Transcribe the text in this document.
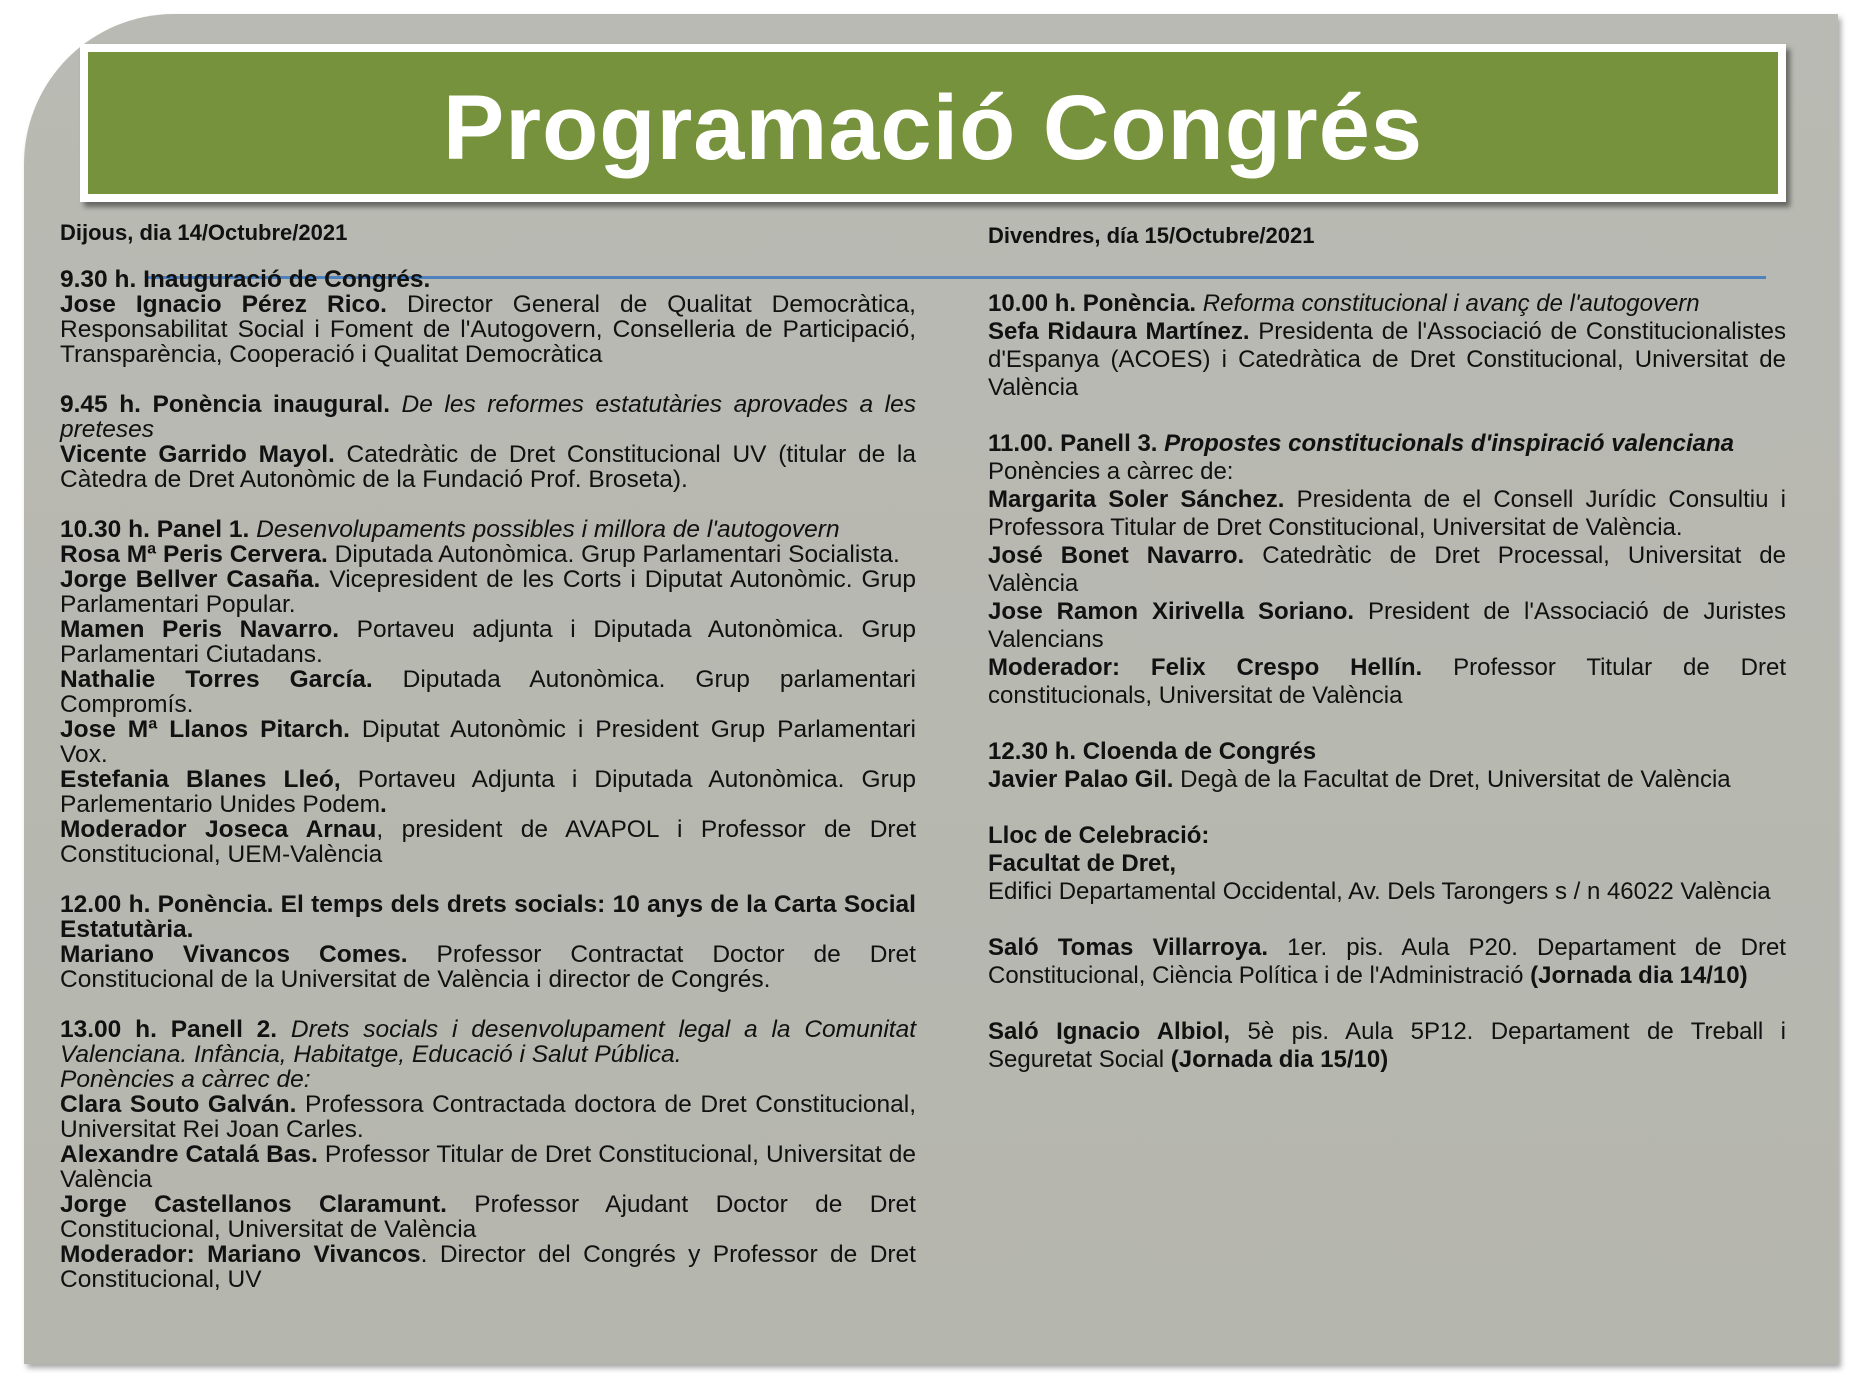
Programació Congrés
Dijous, dia 14/Octubre/2021

9.30 h. Inauguració de Congrés.

Jose Ignacio Pérez Rico. Director General de Qualitat Democràtica, Responsabilitat Social i Foment de l'Autogovern, Conselleria de Participació, Transparència, Cooperació i Qualitat Democràtica

9.45 h. Ponència inaugural. De les reformes estatutàries aprovades a les preteses

Vicente Garrido Mayol. Catedràtic de Dret Constitucional UV (titular de la Càtedra de Dret Autonòmic de la Fundació Prof. Broseta).

10.30 h. Panel 1. Desenvolupaments possibles i millora de l'autogovern

Rosa Mª Peris Cervera. Diputada Autonòmica. Grup Parlamentari Socialista.

Jorge Bellver Casaña. Vicepresident de les Corts i Diputat Autonòmic. Grup Parlamentari Popular.

Mamen Peris Navarro. Portaveu adjunta i Diputada Autonòmica. Grup Parlamentari Ciutadans.

Nathalie Torres García. Diputada Autonòmica. Grup parlamentari Compromís.

Jose Mª Llanos Pitarch. Diputat Autonòmic i President Grup Parlamentari Vox.

Estefania Blanes Lleó, Portaveu Adjunta i Diputada Autonòmica. Grup Parlementario Unides Podem.

Moderador Joseca Arnau, president de AVAPOL i Professor de Dret Constitucional, UEM-València

12.00 h. Ponència. El temps dels drets socials: 10 anys de la Carta Social Estatutària.

Mariano Vivancos Comes. Professor Contractat Doctor de Dret Constitucional de la Universitat de València i director de Congrés.

13.00 h. Panell 2. Drets socials i desenvolupament legal a la Comunitat Valenciana. Infància, Habitatge, Educació i Salut Pública.

Ponències a càrrec de:

Clara Souto Galván. Professora Contractada doctora de Dret Constitucional, Universitat Rei Joan Carles.

Alexandre Catalá Bas. Professor Titular de Dret Constitucional, Universitat de València

Jorge Castellanos Claramunt. Professor Ajudant Doctor de Dret Constitucional, Universitat de València

Moderador: Mariano Vivancos. Director del Congrés y Professor de Dret Constitucional, UV

Divendres, día 15/Octubre/2021

10.00 h. Ponència. Reforma constitucional i avanç de l'autogovern

Sefa Ridaura Martínez. Presidenta de l'Associació de Constitucionalistes d'Espanya (ACOES) i Catedràtica de Dret Constitucional, Universitat de València

11.00. Panell 3. Propostes constitucionals d'inspiració valenciana

Ponències a càrrec de:

Margarita Soler Sánchez. Presidenta de el Consell Jurídic Consultiu i Professora Titular de Dret Constitucional, Universitat de València.

José Bonet Navarro. Catedràtic de Dret Processal, Universitat de València

Jose Ramon Xirivella Soriano. President de l'Associació de Juristes Valencians

Moderador: Felix Crespo Hellín. Professor Titular de Dret constitucionals, Universitat de València

12.30 h. Cloenda de Congrés

Javier Palao Gil. Degà de la Facultat de Dret, Universitat de València

Lloc de Celebració:

Facultat de Dret,

Edifici Departamental Occidental, Av. Dels Tarongers s / n 46022 València

Saló Tomas Villarroya. 1er. pis. Aula P20. Departament de Dret Constitucional, Ciència Política i de l'Administració (Jornada dia 14/10)

Saló Ignacio Albiol, 5è pis. Aula 5P12. Departament de Treball i Seguretat Social (Jornada dia 15/10)
